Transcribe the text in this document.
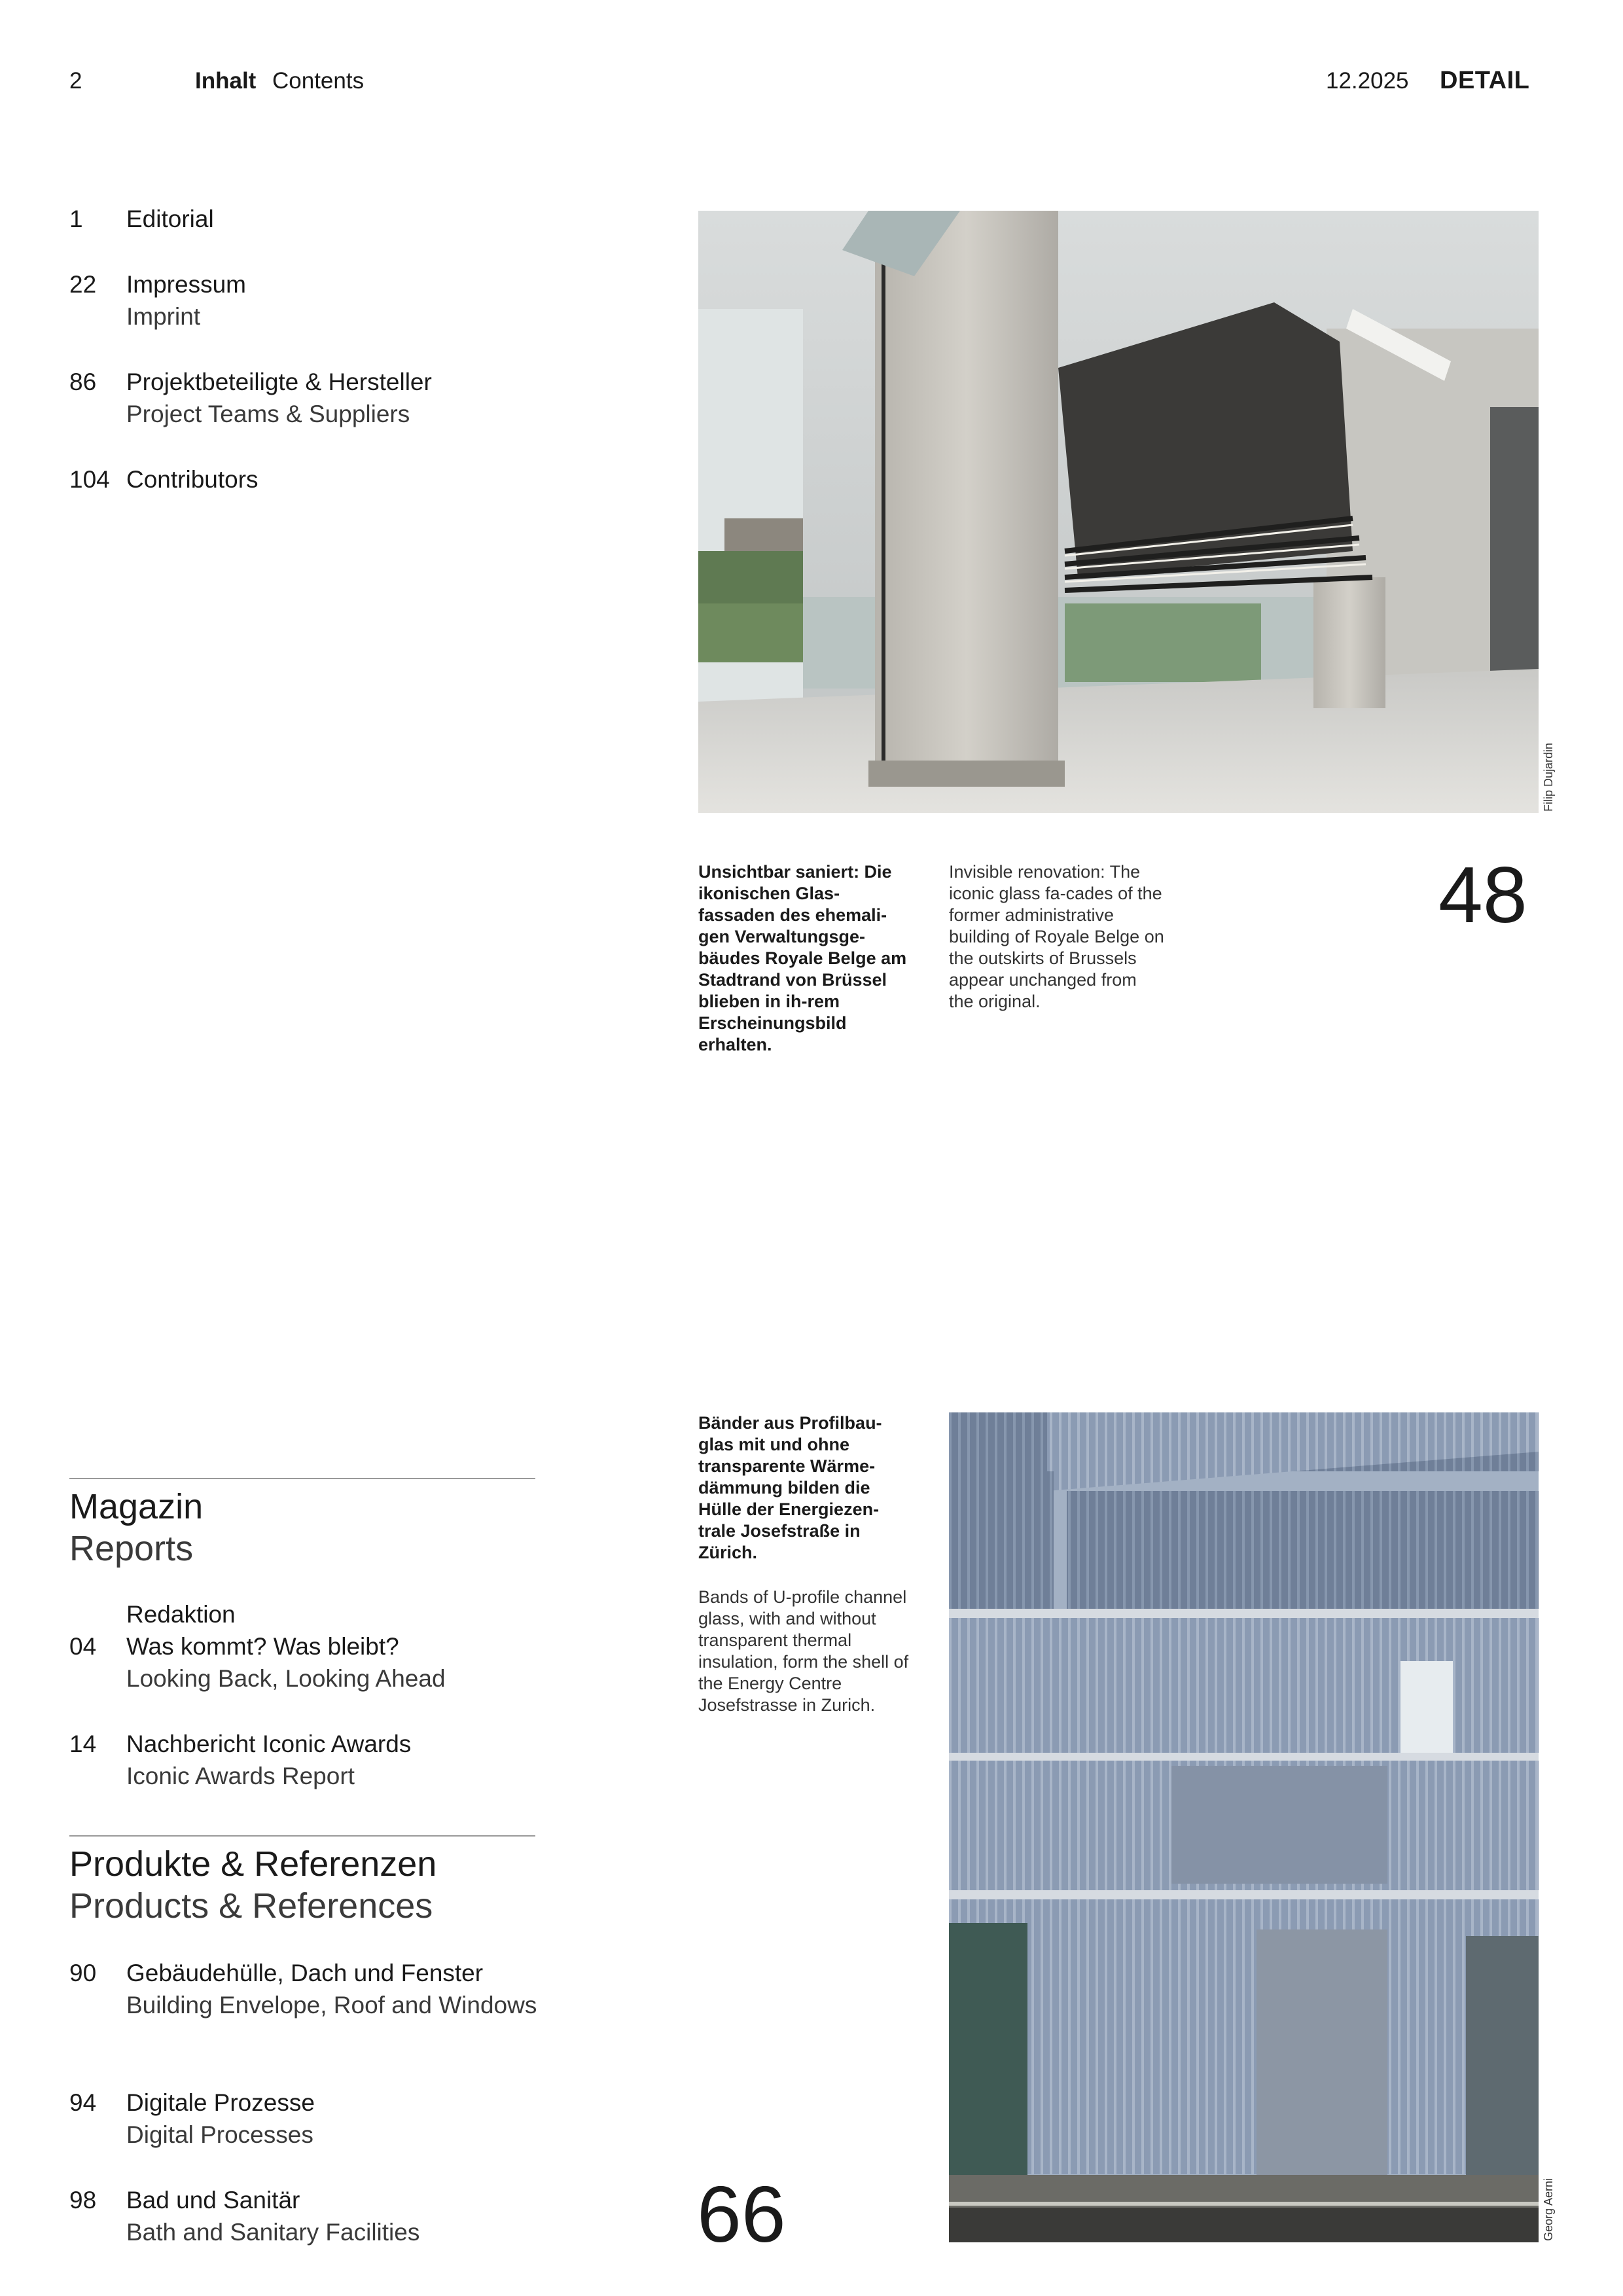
2	Inhalt Contents	12.2025 DETAIL
1 Editorial
22 Impressum
Imprint
86 Projektbeteiligte & Hersteller
Project Teams & Suppliers
104 Contributors
Magazin
Reports
Redaktion
04 Was kommt? Was bleibt?
Looking Back, Looking Ahead
14 Nachbericht Iconic Awards
Iconic Awards Report
Produkte & Referenzen
Products & References
90 Gebäudehülle, Dach und Fenster
Building Envelope, Roof and Windows
94 Digitale Prozesse
Digital Processes
98 Bad und Sanitär
Bath and Sanitary Facilities
Filip Dujardin
Unsichtbar saniert: Die ikonischen Glas-fassaden des ehemali-gen Verwaltungsge-bäudes Royale Belge am Stadtrand von Brüssel blieben in ih-rem Erscheinungsbild erhalten.
Invisible renovation: The iconic glass fa-cades of the former administrative building of Royale Belge on the outskirts of Brussels appear unchanged from the original.
48
Bänder aus Profilbau-glas mit und ohne transparente Wärme-dämmung bilden die Hülle der Energiezen-trale Josefstraße in Zürich.
Bands of U-profile channel glass, with and without transparent thermal insulation, form the shell of the Energy Centre Josefstrasse in Zurich.
66	Georg Aerni
